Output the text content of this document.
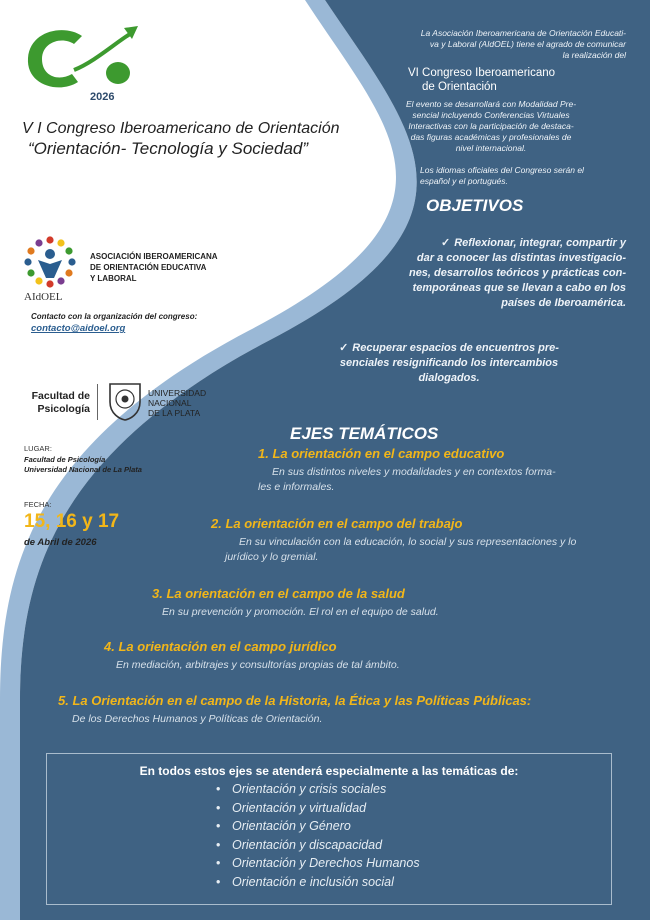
2026
V I Congreso Iberoamericano de Orientación
“Orientación- Tecnología y Sociedad”
AIdOEL
ASOCIACIÓN IBEROAMERICANA
DE ORIENTACIÓN EDUCATIVA
Y LABORAL
Contacto con la organización del congreso:
contacto@aidoel.org
Facultad de
Psicología
UNIVERSIDAD
NACIONAL
DE LA PLATA
LUGAR:
Facultad de Psicología
Universidad Nacional de La Plata
FECHA:
15, 16 y 17
de Abril de 2026
La Asociación Iberoamericana de Orientación Educati-
va y Laboral (AIdOEL) tiene el agrado de comunicar
la realización del
VI Congreso Iberoamericano
de Orientación
El evento se desarrollará con Modalidad Pre-
sencial incluyendo Conferencias Virtuales
Interactivas con la participación de destaca-
das figuras académicas y profesionales de
nivel internacional.
Los idiomas oficiales del Congreso serán el
español y el portugués.
OBJETIVOS
✓ Reflexionar, integrar, compartir y
dar a conocer las distintas investigacio-
nes, desarrollos teóricos y prácticas con-
temporáneas que se llevan a cabo en los
países de Iberoamérica.
✓ Recuperar espacios de encuentros pre-
senciales resignificando los intercambios
dialogados.
EJES TEMÁTICOS
1. La orientación en el campo educativo
En sus distintos niveles y modalidades y en contextos forma-
les e informales.
2. La orientación en el campo del trabajo
En su vinculación con la educación, lo social y sus representaciones y lo
jurídico y lo gremial.
3. La orientación en el campo de la salud
En su prevención y promoción. El rol en el equipo de salud.
4. La orientación en el campo jurídico
En mediación, arbitrajes y consultorías propias de tal ámbito.
5. La Orientación en el campo de la Historia, la Ética y las Políticas Públicas:
De los Derechos Humanos y Políticas de Orientación.
En todos estos ejes se atenderá especialmente a las temáticas de:
• Orientación y crisis sociales
• Orientación y virtualidad
• Orientación y Género
• Orientación y discapacidad
• Orientación y Derechos Humanos
• Orientación e inclusión social
